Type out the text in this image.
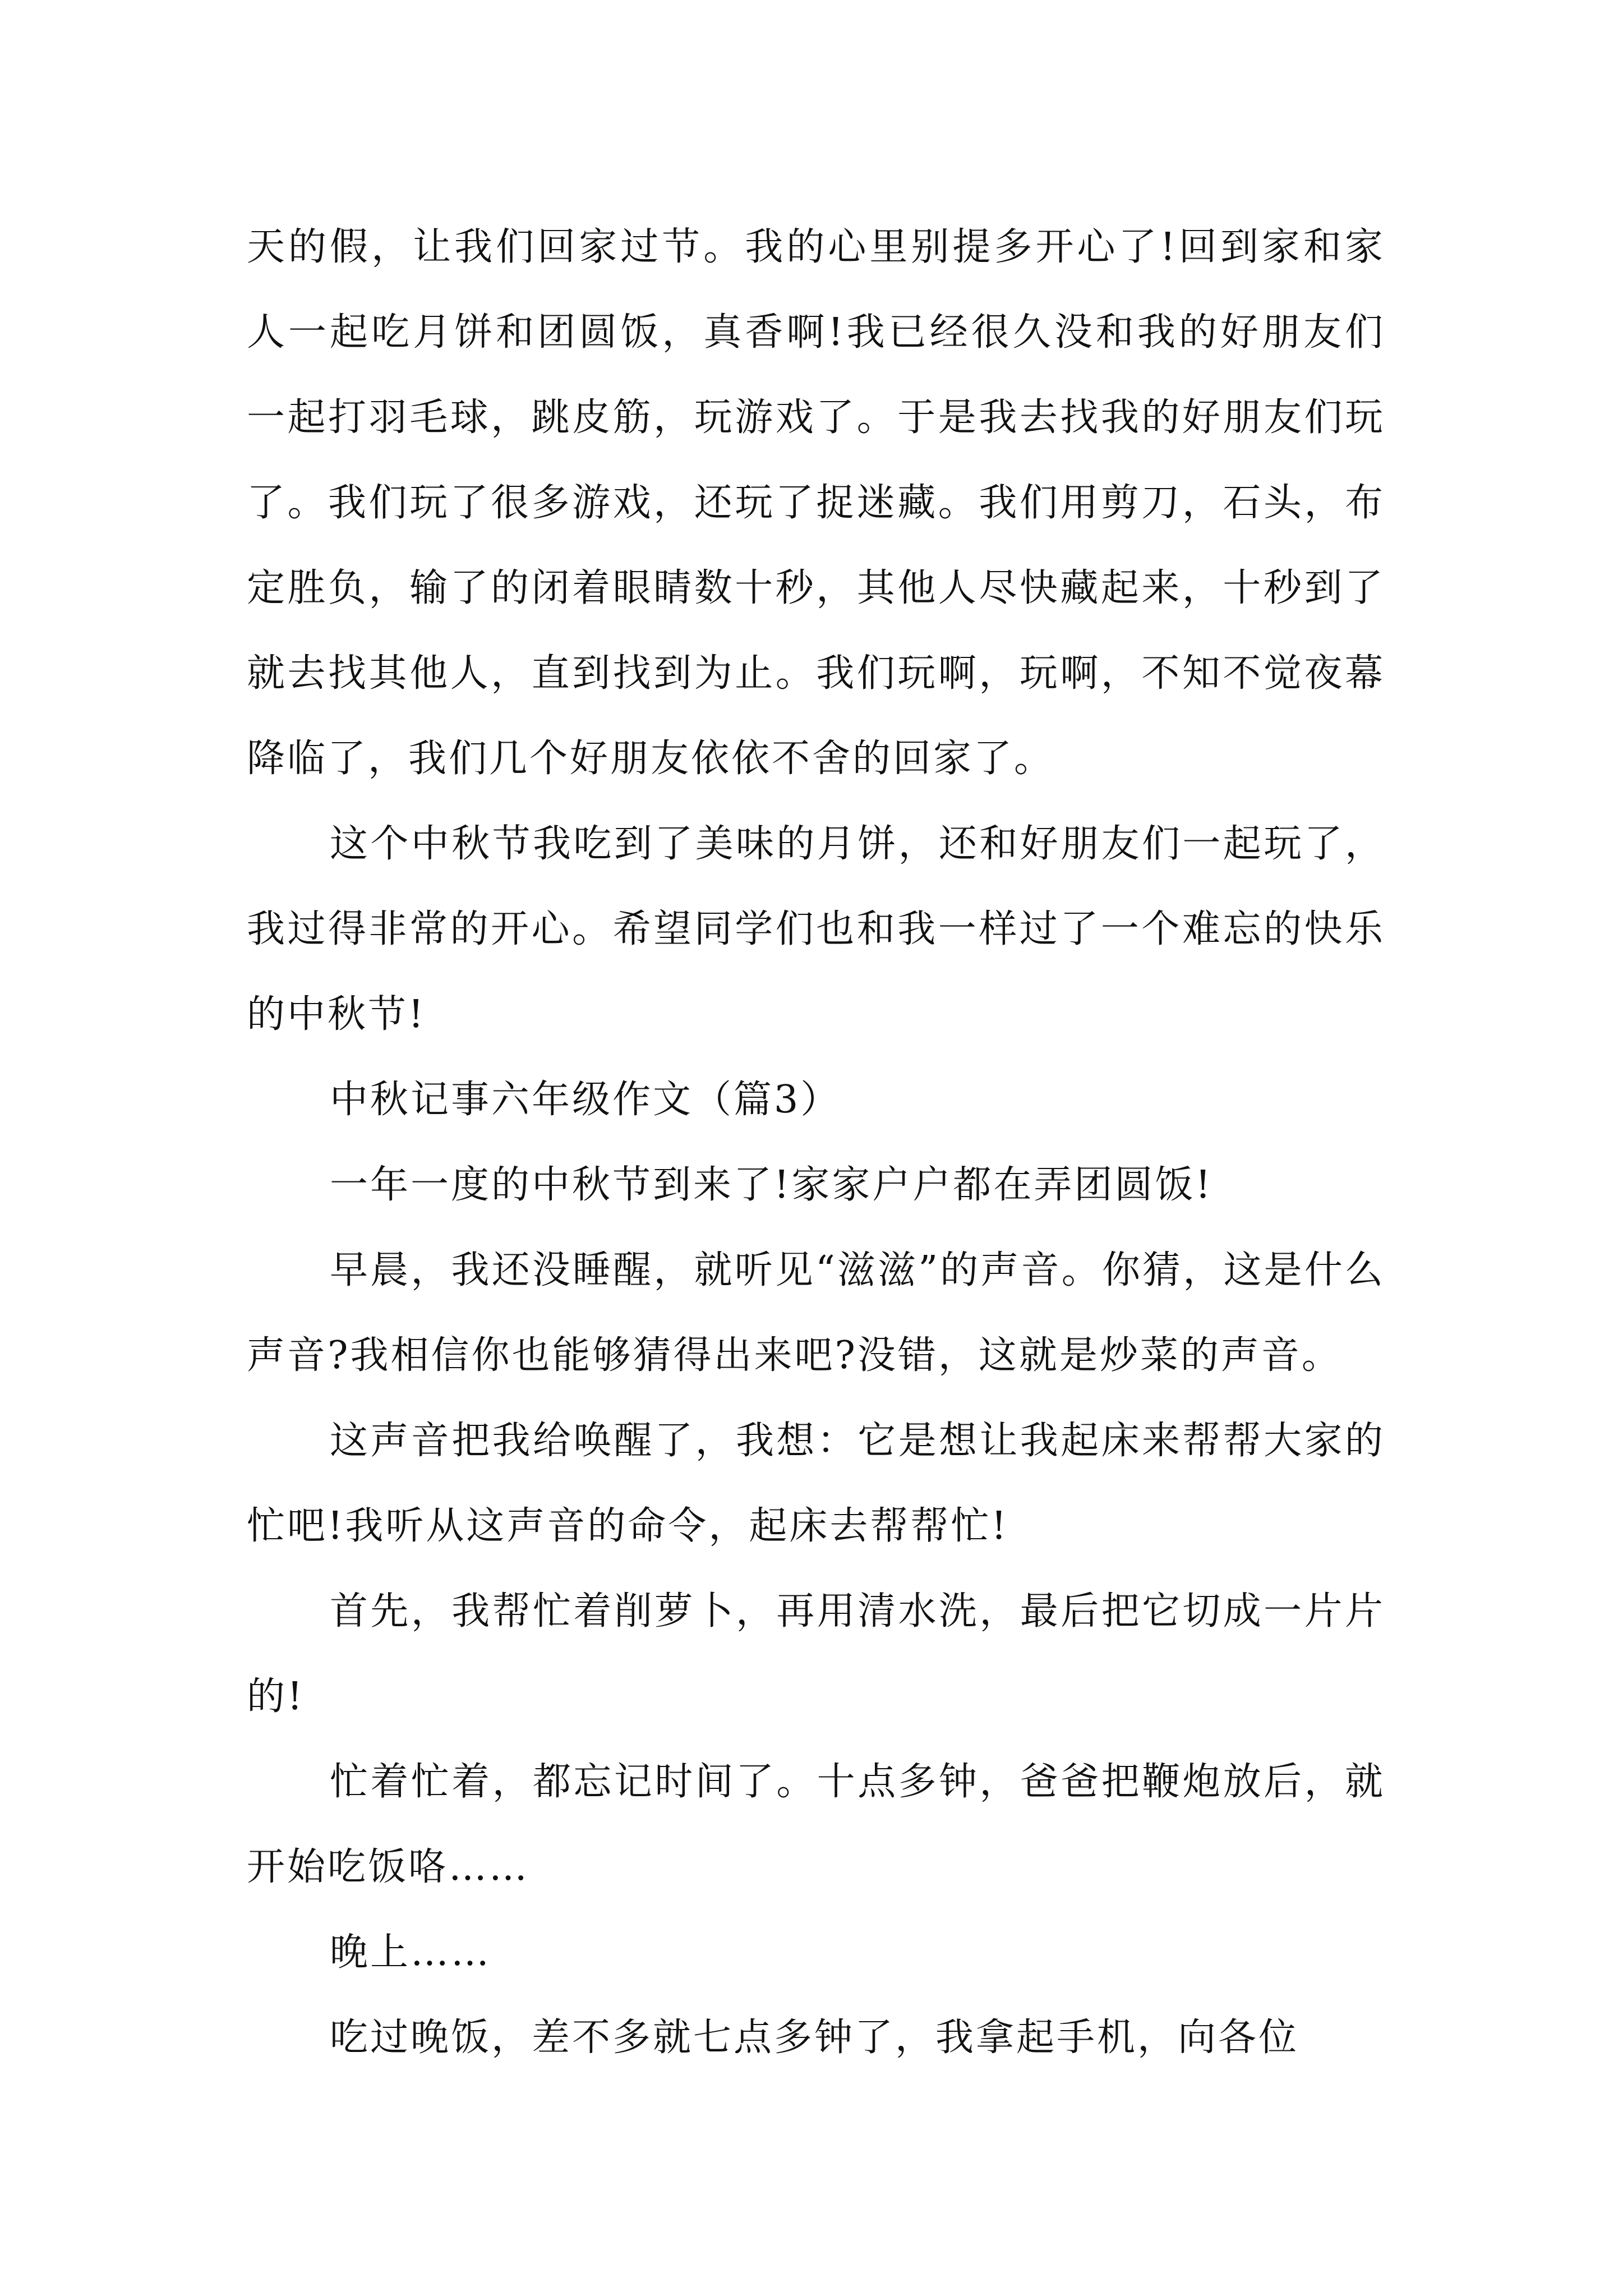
天的假，让我们回家过节。我的心里别提多开心了!回到家和家人一起吃月饼和团圆饭，真香啊!我已经很久没和我的好朋友们一起打羽毛球，跳皮筋，玩游戏了。于是我去找我的好朋友们玩了。我们玩了很多游戏，还玩了捉迷藏。我们用剪刀，石头，布定胜负，输了的闭着眼睛数十秒，其他人尽快藏起来，十秒到了就去找其他人，直到找到为止。我们玩啊，玩啊，不知不觉夜幕降临了，我们几个好朋友依依不舍的回家了。

这个中秋节我吃到了美味的月饼，还和好朋友们一起玩了，我过得非常的开心。希望同学们也和我一样过了一个难忘的快乐的中秋节!

中秋记事六年级作文（篇3）

一年一度的中秋节到来了!家家户户都在弄团圆饭!

早晨，我还没睡醒，就听见“滋滋”的声音。你猜，这是什么声音?我相信你也能够猜得出来吧?没错，这就是炒菜的声音。

这声音把我给唤醒了，我想：它是想让我起床来帮帮大家的忙吧!我听从这声音的命令，起床去帮帮忙!

首先，我帮忙着削萝卜，再用清水洗，最后把它切成一片片的!

忙着忙着，都忘记时间了。十点多钟，爸爸把鞭炮放后，就开始吃饭咯……

晚上……

吃过晚饭，差不多就七点多钟了，我拿起手机，向各位
